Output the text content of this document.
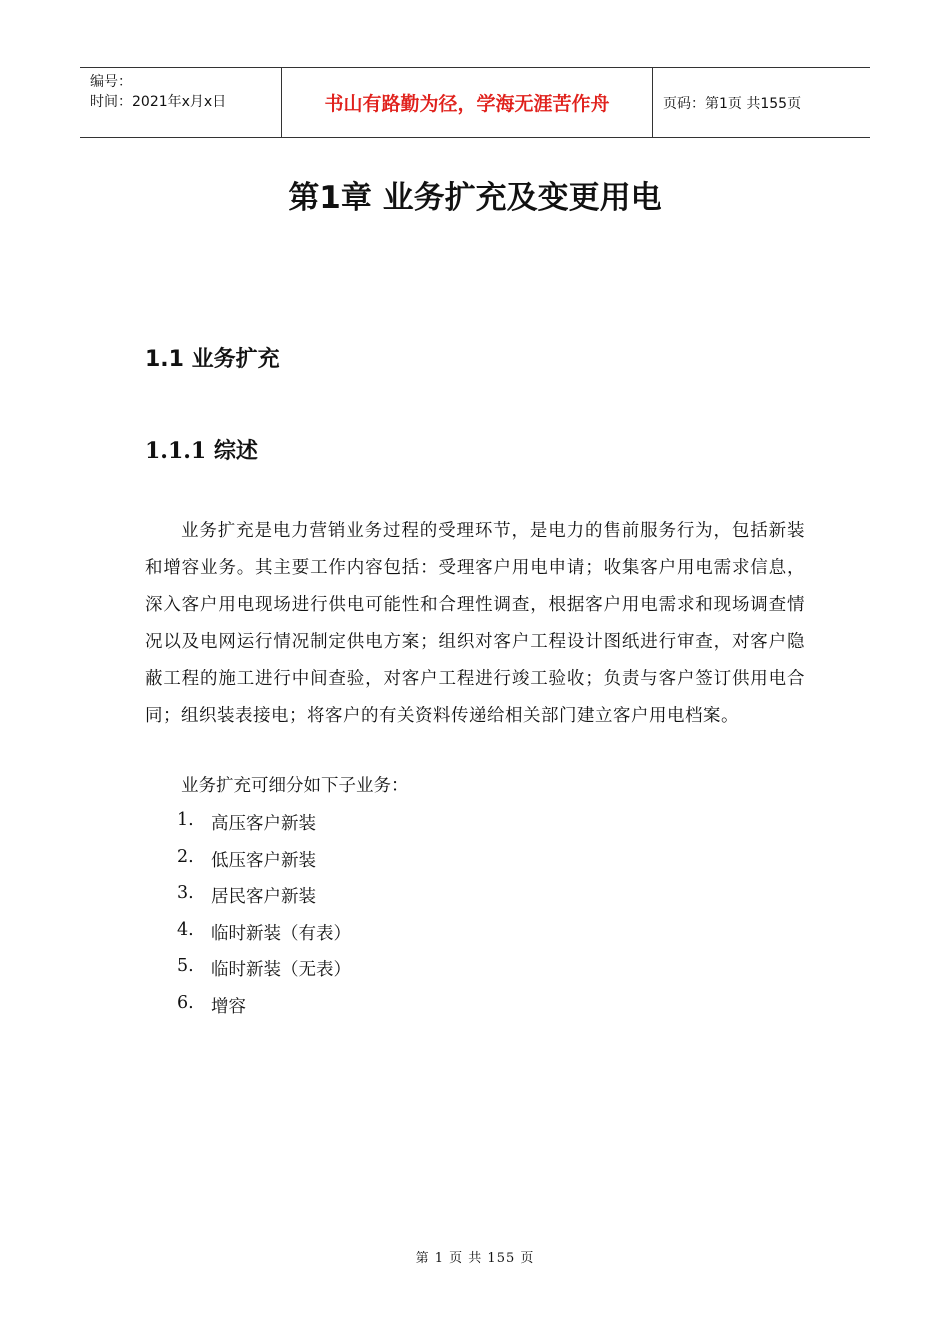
编号：
时间：2021年x月x日	书山有路勤为径，学海无涯苦作舟	页码：第1页 共155页
第1章 业务扩充及变更用电
1.1 业务扩充
1.1.1 综述
业务扩充是电力营销业务过程的受理环节，是电力的售前服务行为，包括新装和增容业务。其主要工作内容包括：受理客户用电申请；收集客户用电需求信息，深入客户用电现场进行供电可能性和合理性调查，根据客户用电需求和现场调查情况以及电网运行情况制定供电方案；组织对客户工程设计图纸进行审查，对客户隐蔽工程的施工进行中间查验，对客户工程进行竣工验收；负责与客户签订供用电合同；组织装表接电；将客户的有关资料传递给相关部门建立客户用电档案。
业务扩充可细分如下子业务：
1. 高压客户新装
2. 低压客户新装
3. 居民客户新装
4. 临时新装（有表）
5. 临时新装（无表）
6. 增容
第 1 页 共 155 页
